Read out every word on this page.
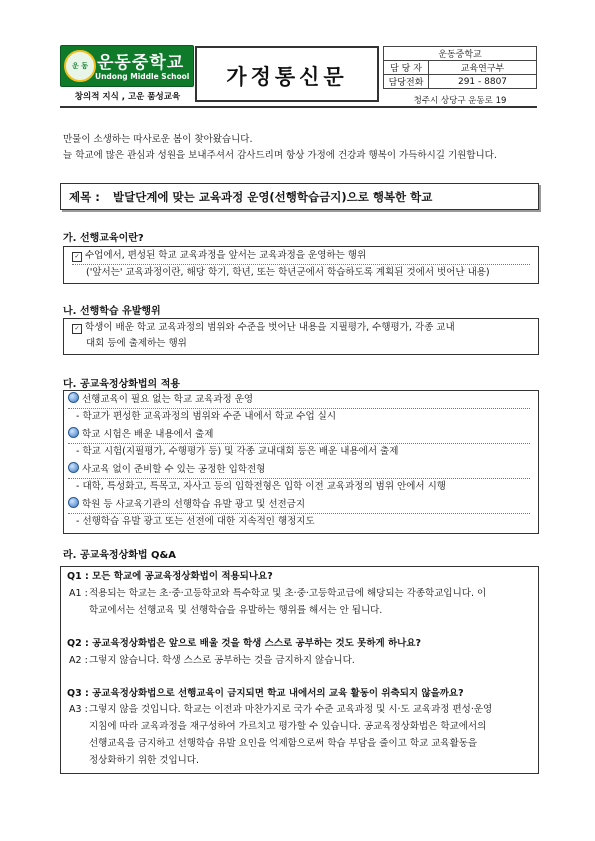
운 동 운동중학교
Undong Middle School
창의적 지식 , 고운 품성교육
가정통신문
운동중학교	
담 당 자	교육연구부
담당전화	291 - 8807
청주시 상당구 운동로 19
만물이 소생하는 따사로운 봄이 찾아왔습니다.
늘 학교에 많은 관심과 성원을 보내주셔서 감사드리며 항상 가정에 건강과 행복이 가득하시길 기원합니다.
제목 : 발달단계에 맞는 교육과정 운영(선행학습금지)으로 행복한 학교
가. 선행교육이란?
✓ 수업에서, 편성된 학교 교육과정을 앞서는 교육과정을 운영하는 행위
('앞서는' 교육과정이란, 해당 학기, 학년, 또는 학년군에서 학습하도록 계획된 것에서 벗어난 내용)
나. 선행학습 유발행위
✓ 학생이 배운 학교 교육과정의 범위와 수준을 벗어난 내용을 지필평가, 수행평가, 각종 교내
대회 등에 출제하는 행위
다. 공교육정상화법의 적용
선행교육이 필요 없는 학교 교육과정 운영
- 학교가 편성한 교육과정의 범위와 수준 내에서 학교 수업 실시
학교 시험은 배운 내용에서 출제
- 학교 시험(지필평가, 수행평가 등) 및 각종 교내대회 등은 배운 내용에서 출제
사교육 없이 준비할 수 있는 공정한 입학전형
- 대학, 특성화고, 특목고, 자사고 등의 입학전형은 입학 이전 교육과정의 범위 안에서 시행
학원 등 사교육기관의 선행학습 유발 광고 및 선전금지
- 선행학습 유발 광고 또는 선전에 대한 지속적인 행정지도
라. 공교육정상화법 Q&A
Q1 : 모든 학교에 공교육정상화법이 적용되나요?
A1 : 적용되는 학교는 초·중·고등학교와 특수학교 및 초·중·고등학교급에 해당되는 각종학교입니다. 이
학교에서는 선행교육 및 선행학습을 유발하는 행위를 해서는 안 됩니다.
Q2 : 공교육정상화법은 앞으로 배울 것을 학생 스스로 공부하는 것도 못하게 하나요?
A2 : 그렇지 않습니다. 학생 스스로 공부하는 것을 금지하지 않습니다.
Q3 : 공교육정상화법으로 선행교육이 금지되면 학교 내에서의 교육 활동이 위축되지 않을까요?
A3 : 그렇지 않을 것입니다. 학교는 이전과 마찬가지로 국가 수준 교육과정 및 시·도 교육과정 편성·운영
지침에 따라 교육과정을 재구성하여 가르치고 평가할 수 있습니다. 공교육정상화법은 학교에서의
선행교육을 금지하고 선행학습 유발 요인을 억제함으로써 학습 부담을 줄이고 학교 교육활동을
정상화하기 위한 것입니다.
